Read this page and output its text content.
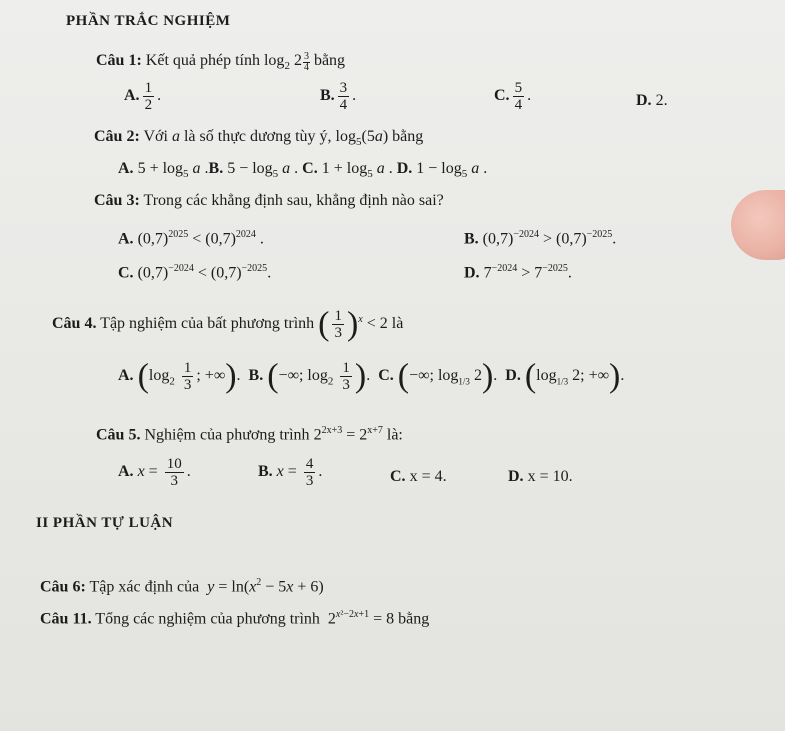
PHẦN TRẮC NGHIỆM
Câu 1: Kết quả phép tính $\log_2 2 \frac{3}{4}$ bằng
A. $\frac{1}{2}$ .	B. $\frac{3}{4}$ .	C. $\frac{5}{4}$ .	D. 2.
Câu 2: Với a là số thực dương tùy ý, $\log_5(5a)$ bằng
A. $5 + \log_5 a$ .B. $5 - \log_5 a$ . C. $1 + \log_5 a$ . D. $1 - \log_5 a$ .
Câu 3: Trong các khẳng định sau, khẳng định nào sai?
A. $(0,7)^{2025} < (0,7)^{2024}$ .	B. $(0,7)^{-2024} > (0,7)^{-2025}$.
C. $(0,7)^{-2024} < (0,7)^{-2025}$.	D. $7^{-2024} > 7^{-2025}$.
Câu 4. Tập nghiệm của bất phương trình ( $\frac{1}{3} )^x < 2$ là
A. ($\log_2 \frac{1}{3}$ ; +∞).  B. (−∞; $\log_2 \frac{1}{3}$ ).  C. (−∞; $\log_{1/3} 2$).  D. ($\log_{1/3}$ 2; +∞).
Câu 5. Nghiệm của phương trình $2^{2x+3} = 2^{x+7}$ là:
A. $x = \frac{10}{3}$ .	B. $x = \frac{4}{3}$ .	C. x = 4.	D. x = 10.
II PHẦN TỰ LUẬN
Câu 6: Tập xác định của $y = \ln(x^2 - 5x + 6)$
Câu 11. Tổng các nghiệm của phương trình  $2^{x^2-2x+1} = 8$ bằng
